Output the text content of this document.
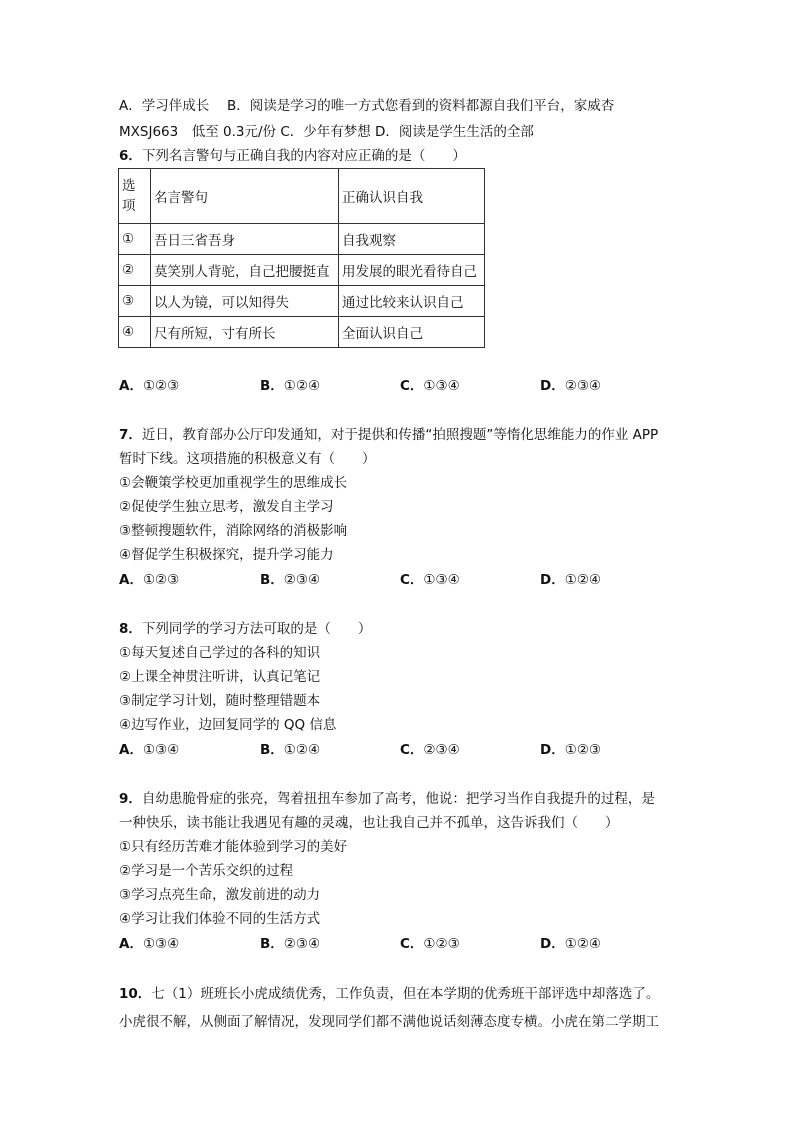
A．学习伴成长　 B．阅读是学习的唯一方式您看到的资料都源自我们平台，家威杏
MXSJ663　低至 0.3元/份 C．少年有梦想 D．阅读是学生生活的全部
6．下列名言警句与正确自我的内容对应正确的是（　　）
选
项	名言警句	正确认识自我
①	吾日三省吾身	自我观察
②	莫笑别人背驼，自己把腰挺直	用发展的眼光看待自己
③	以人为镜，可以知得失	通过比较来认识自己
④	尺有所短，寸有所长	全面认识自己
A．①②③	B．①②④	C．①③④	D．②③④
7．近日，教育部办公厅印发通知，对于提供和传播“拍照搜题”等惰化思维能力的作业 APP
暂时下线。这项措施的积极意义有（　　）
①会鞭策学校更加重视学生的思维成长
②促使学生独立思考，激发自主学习
③整顿搜题软件，消除网络的消极影响
④督促学生积极探究，提升学习能力
A．①②③	B．②③④	C．①③④	D．①②④
8．下列同学的学习方法可取的是（　　）
①每天复述自己学过的各科的知识
②上课全神贯注听讲，认真记笔记
③制定学习计划，随时整理错题本
④边写作业，边回复同学的 QQ 信息
A．①③④	B．①②④	C．②③④	D．①②③
9．自幼患脆骨症的张亮，驾着扭扭车参加了高考，他说：把学习当作自我提升的过程，是
一种快乐，读书能让我遇见有趣的灵魂，也让我自己并不孤单，这告诉我们（　　）
①只有经历苦难才能体验到学习的美好
②学习是一个苦乐交织的过程
③学习点亮生命，激发前进的动力
④学习让我们体验不同的生活方式
A．①③④	B．②③④	C．①②③	D．①②④
10．七（1）班班长小虎成绩优秀，工作负责，但在本学期的优秀班干部评选中却落选了。
小虎很不解，从侧面了解情况，发现同学们都不满他说话刻薄态度专横。小虎在第二学期工
